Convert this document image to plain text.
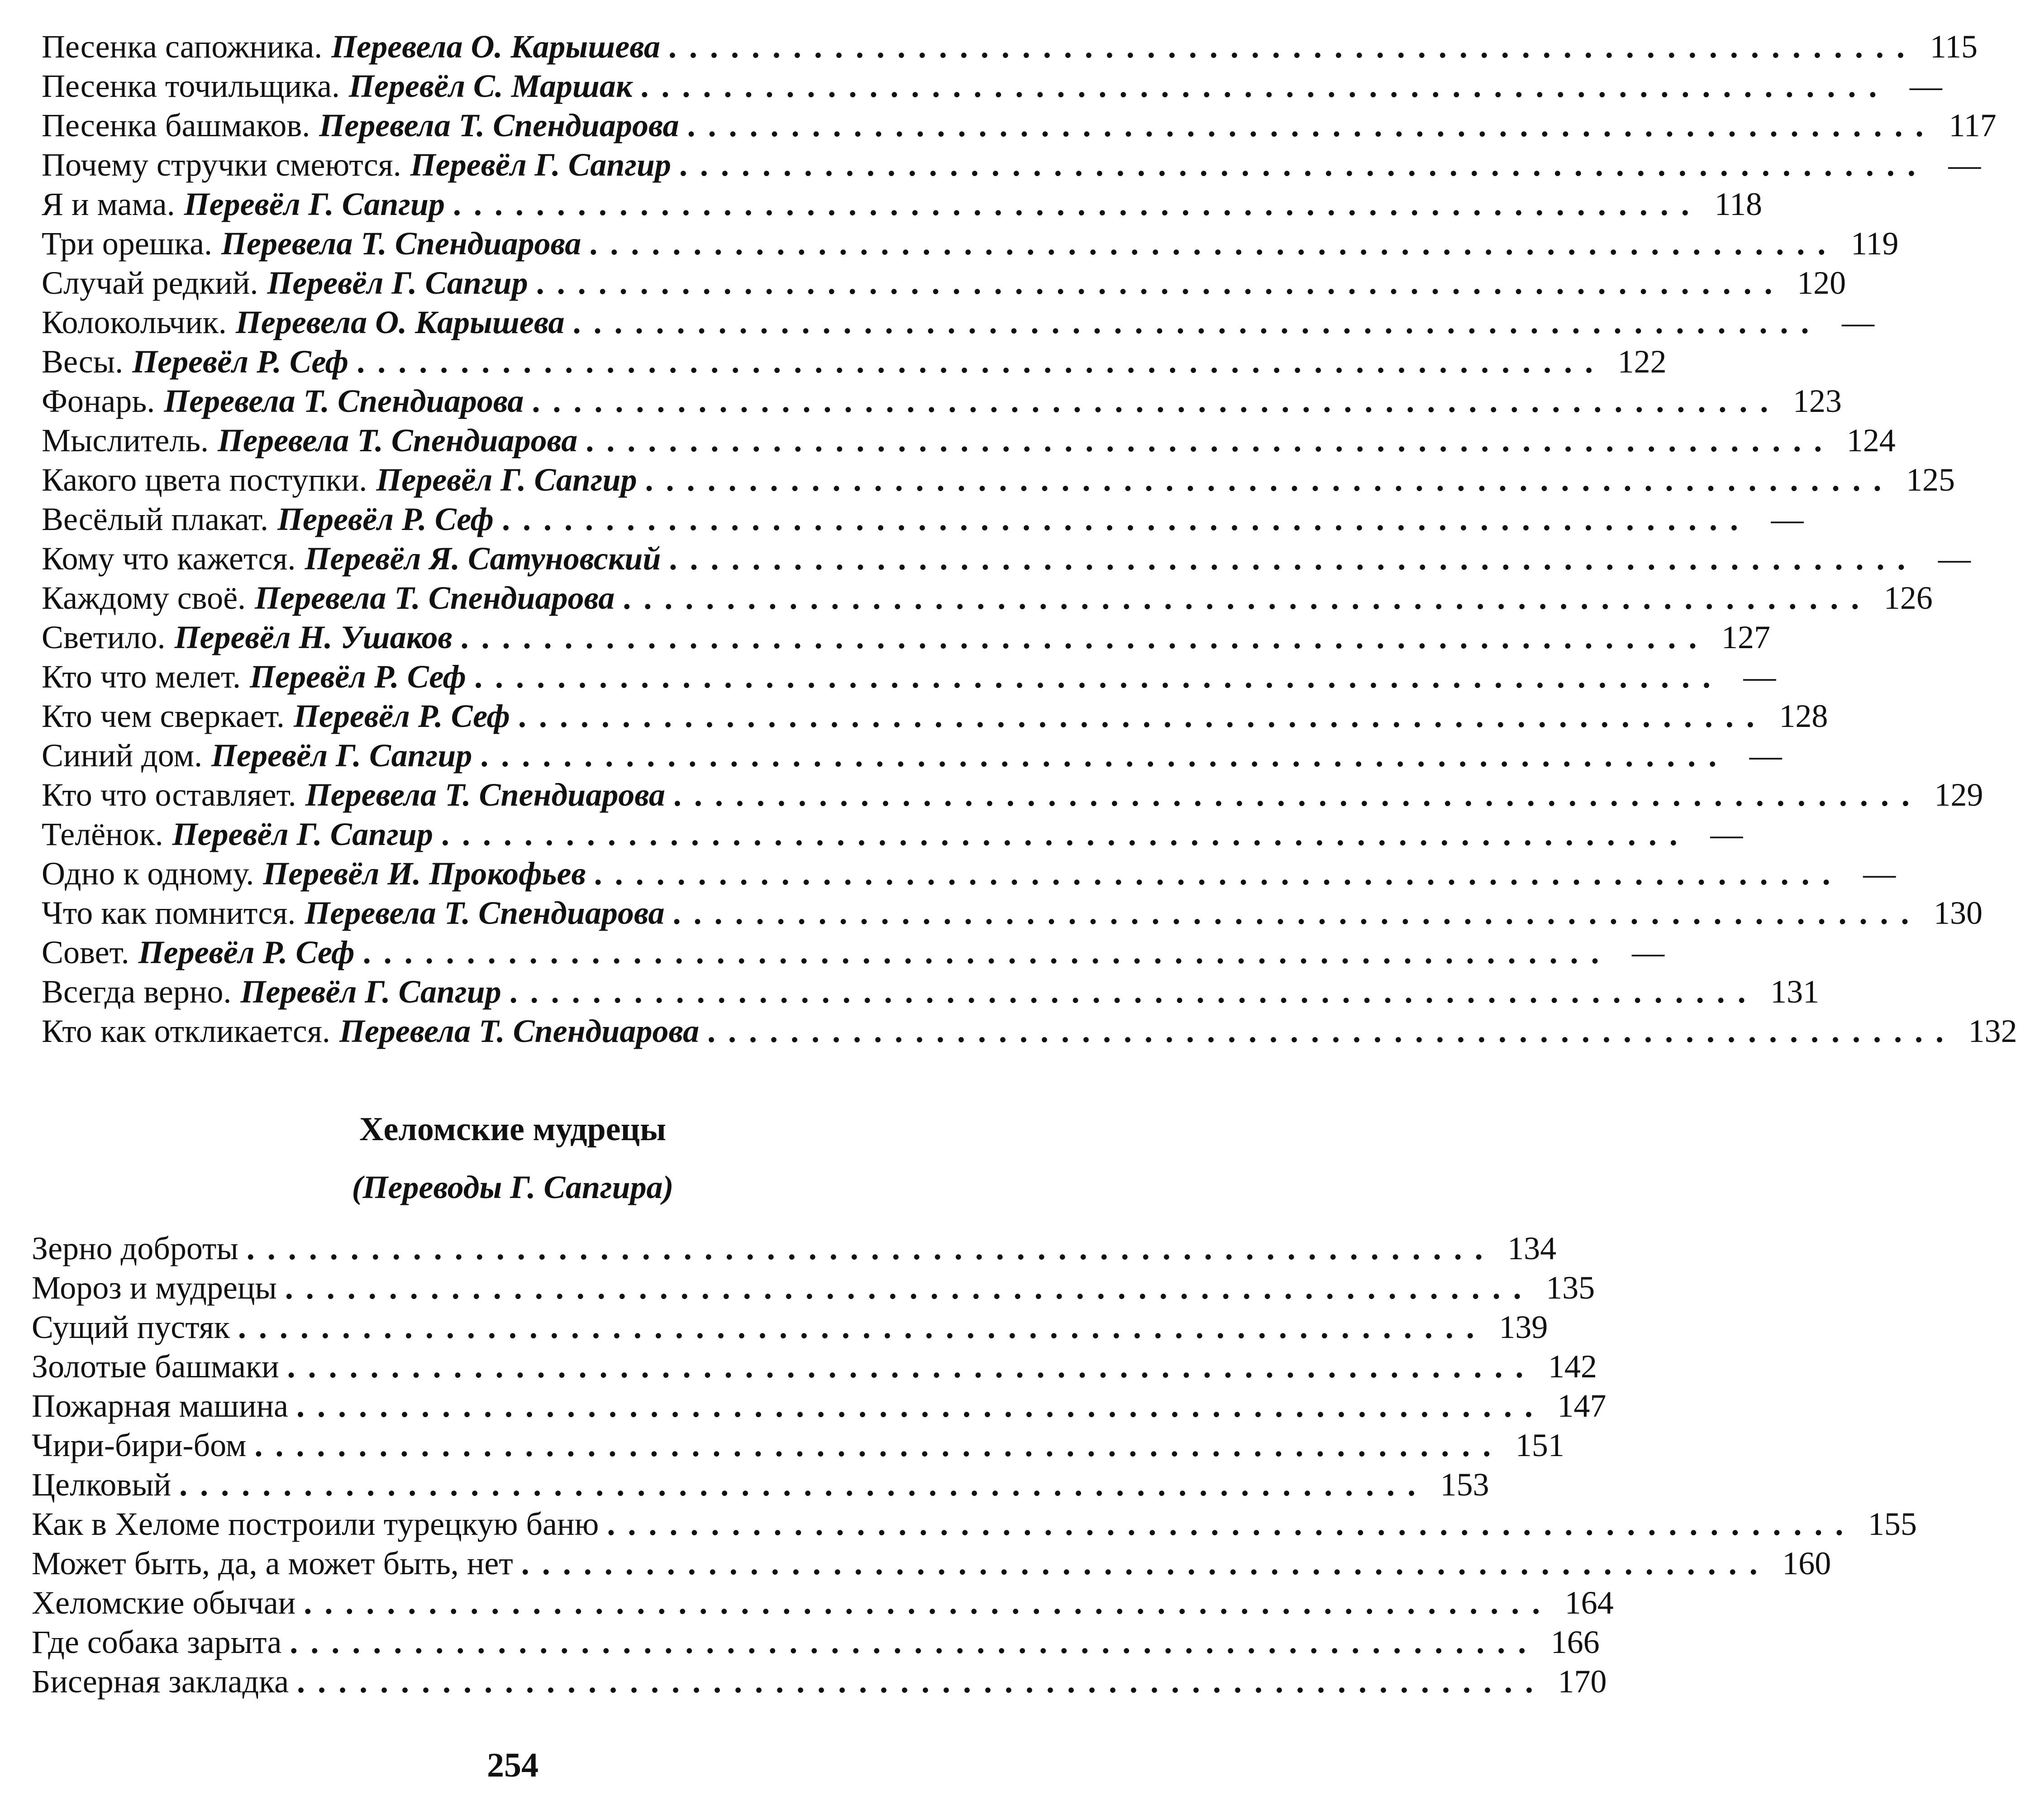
Песенка сапожника. Перевела О. Карышева ............................................................ 115
Песенка точильщика. Перевёл С. Маршак ............................................................ —
Песенка башмаков. Перевела Т. Спендиарова ............................................................ 117
Почему стручки смеются. Перевёл Г. Сапгир ............................................................ —
Я и мама. Перевёл Г. Сапгир ............................................................ 118
Три орешка. Перевела Т. Спендиарова ............................................................ 119
Случай редкий. Перевёл Г. Сапгир ............................................................ 120
Колокольчик. Перевела О. Карышева ............................................................ —
Весы. Перевёл Р. Сеф ............................................................ 122
Фонарь. Перевела Т. Спендиарова ............................................................ 123
Мыслитель. Перевела Т. Спендиарова ............................................................ 124
Какого цвета поступки. Перевёл Г. Сапгир ............................................................ 125
Весёлый плакат. Перевёл Р. Сеф ............................................................ —
Кому что кажется. Перевёл Я. Сатуновский ............................................................ —
Каждому своё. Перевела Т. Спендиарова ............................................................ 126
Светило. Перевёл Н. Ушаков ............................................................ 127
Кто что мелет. Перевёл Р. Сеф ............................................................ —
Кто чем сверкает. Перевёл Р. Сеф ............................................................ 128
Синий дом. Перевёл Г. Сапгир ............................................................ —
Кто что оставляет. Перевела Т. Спендиарова ............................................................ 129
Телёнок. Перевёл Г. Сапгир ............................................................ —
Одно к одному. Перевёл И. Прокофьев ............................................................ —
Что как помнится. Перевела Т. Спендиарова ............................................................ 130
Совет. Перевёл Р. Сеф ............................................................ —
Всегда верно. Перевёл Г. Сапгир ............................................................ 131
Кто как откликается. Перевела Т. Спендиарова ............................................................ 132
Хеломские мудрецы
(Переводы Г. Сапгира)
Зерно доброты ............................................................ 134
Мороз и мудрецы ............................................................ 135
Сущий пустяк ............................................................ 139
Золотые башмаки ............................................................ 142
Пожарная машина ............................................................ 147
Чири-бири-бом ............................................................ 151
Целковый ............................................................ 153
Как в Хеломе построили турецкую баню ............................................................ 155
Может быть, да, а может быть, нет ............................................................ 160
Хеломские обычаи ............................................................ 164
Где собака зарыта ............................................................ 166
Бисерная закладка ............................................................ 170
254
